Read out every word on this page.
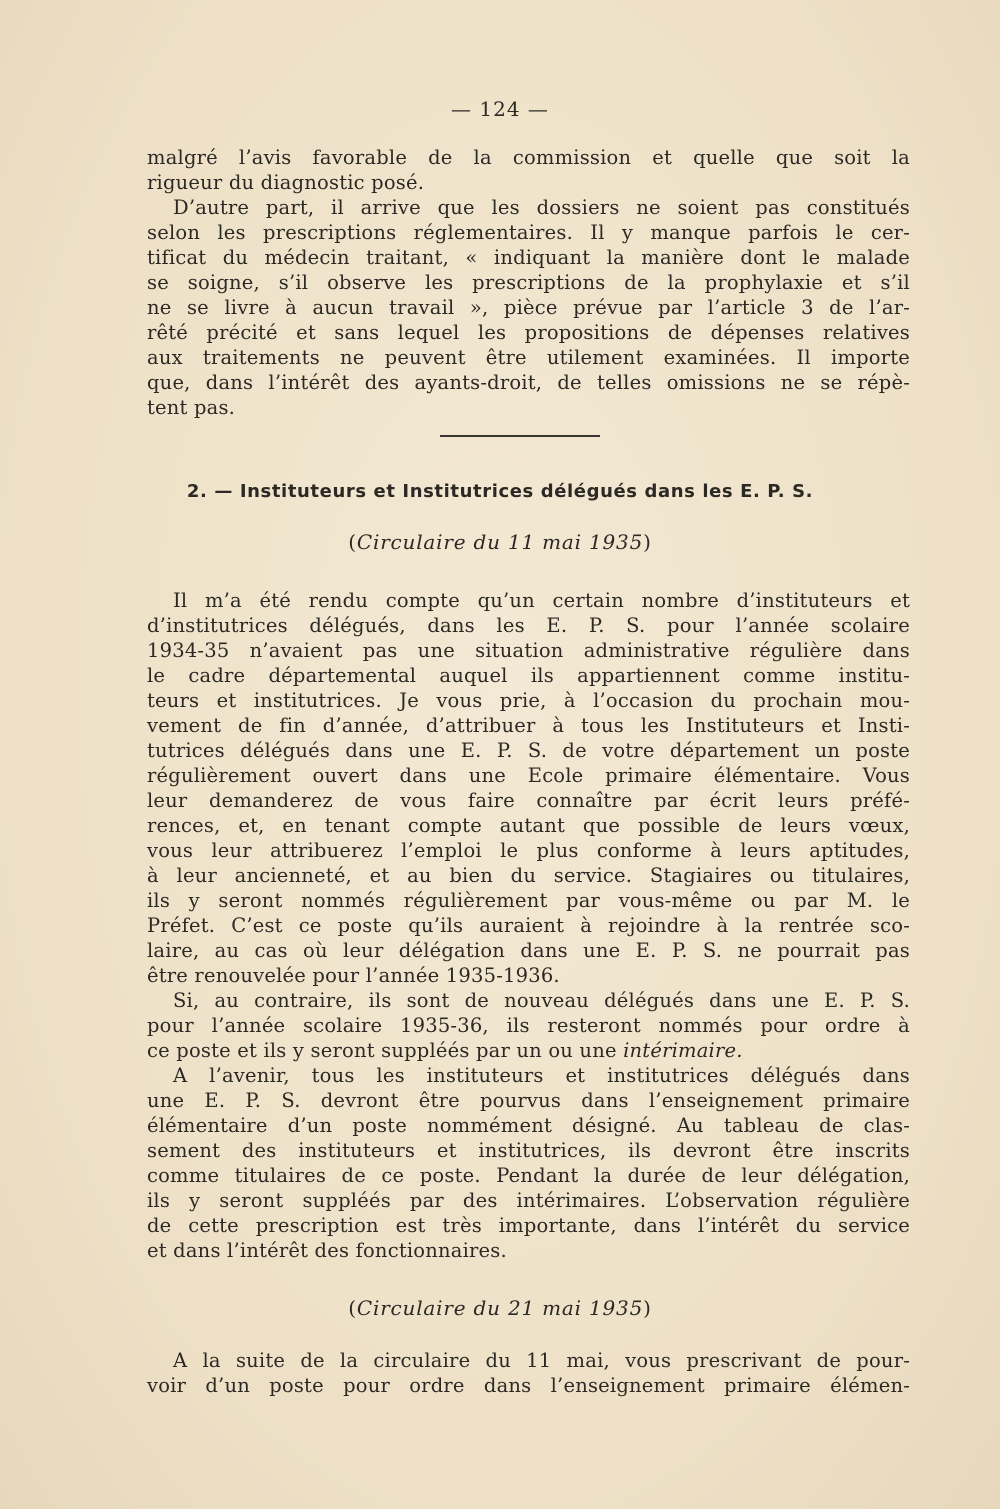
— 124 —
malgré l’avis favorable de la commission et quelle que soit la
rigueur du diagnostic posé.
D’autre part, il arrive que les dossiers ne soient pas constitués
selon les prescriptions réglementaires. Il y manque parfois le cer-
tificat du médecin traitant, « indiquant la manière dont le malade
se soigne, s’il observe les prescriptions de la prophylaxie et s’il
ne se livre à aucun travail », pièce prévue par l’article 3 de l’ar-
rêté précité et sans lequel les propositions de dépenses relatives
aux traitements ne peuvent être utilement examinées. Il importe
que, dans l’intérêt des ayants-droit, de telles omissions ne se répè-
tent pas.
2. — Instituteurs et Institutrices délégués dans les E. P. S.
(Circulaire du 11 mai 1935)
Il m’a été rendu compte qu’un certain nombre d’instituteurs et
d’institutrices délégués, dans les E. P. S. pour l’année scolaire
1934-35 n’avaient pas une situation administrative régulière dans
le cadre départemental auquel ils appartiennent comme institu-
teurs et institutrices. Je vous prie, à l’occasion du prochain mou-
vement de fin d’année, d’attribuer à tous les Instituteurs et Insti-
tutrices délégués dans une E. P. S. de votre département un poste
régulièrement ouvert dans une Ecole primaire élémentaire. Vous
leur demanderez de vous faire connaître par écrit leurs préfé-
rences, et, en tenant compte autant que possible de leurs vœux,
vous leur attribuerez l’emploi le plus conforme à leurs aptitudes,
à leur ancienneté, et au bien du service. Stagiaires ou titulaires,
ils y seront nommés régulièrement par vous-même ou par M. le
Préfet. C’est ce poste qu’ils auraient à rejoindre à la rentrée sco-
laire, au cas où leur délégation dans une E. P. S. ne pourrait pas
être renouvelée pour l’année 1935-1936.
Si, au contraire, ils sont de nouveau délégués dans une E. P. S.
pour l’année scolaire 1935-36, ils resteront nommés pour ordre à
ce poste et ils y seront suppléés par un ou une intérimaire.
A l’avenir, tous les instituteurs et institutrices délégués dans
une E. P. S. devront être pourvus dans l’enseignement primaire
élémentaire d’un poste nommément désigné. Au tableau de clas-
sement des instituteurs et institutrices, ils devront être inscrits
comme titulaires de ce poste. Pendant la durée de leur délégation,
ils y seront suppléés par des intérimaires. L’observation régulière
de cette prescription est très importante, dans l’intérêt du service
et dans l’intérêt des fonctionnaires.
(Circulaire du 21 mai 1935)
A la suite de la circulaire du 11 mai, vous prescrivant de pour-
voir d’un poste pour ordre dans l’enseignement primaire élémen-
